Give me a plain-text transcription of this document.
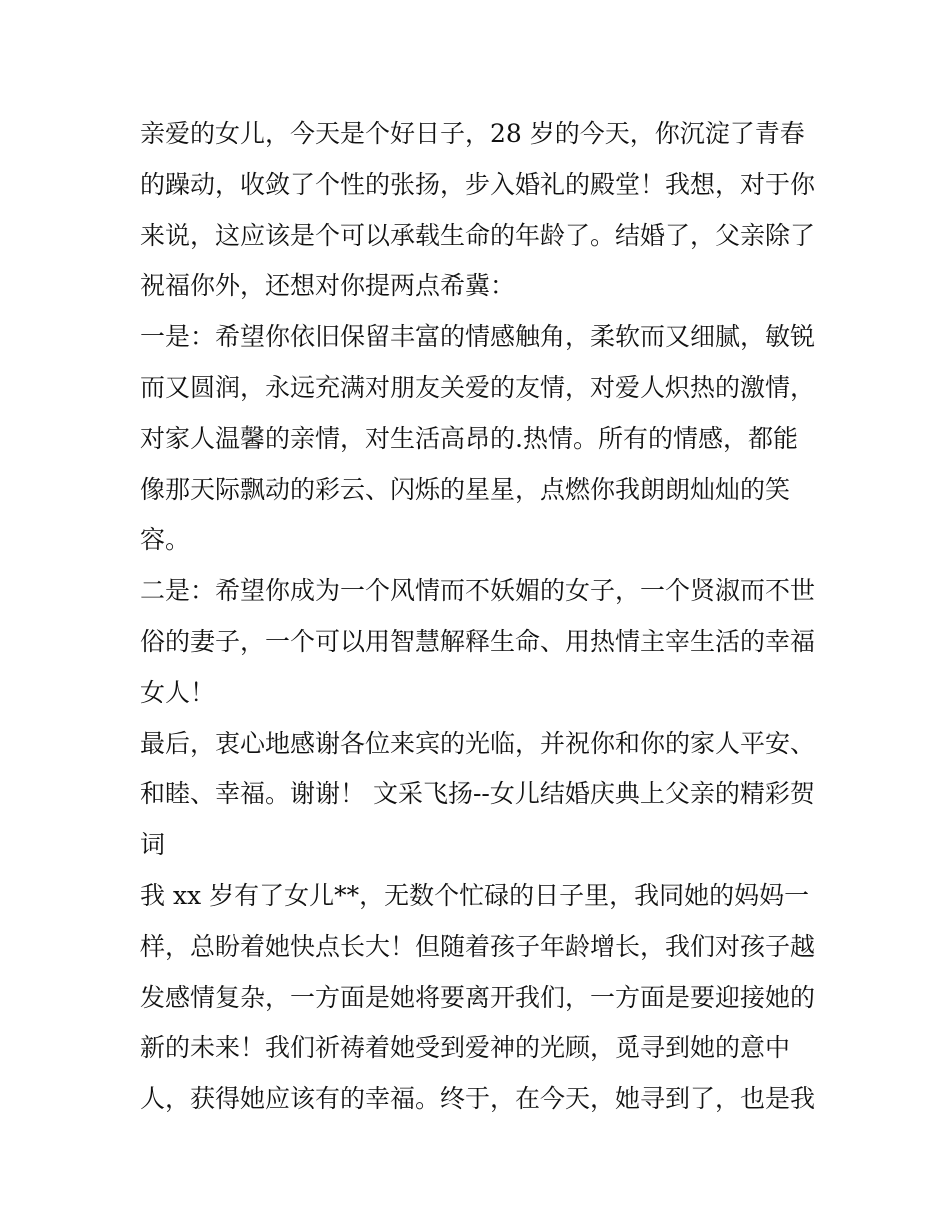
亲爱的女儿，今天是个好日子，28 岁的今天，你沉淀了青春
的躁动，收敛了个性的张扬，步入婚礼的殿堂！我想，对于你
来说，这应该是个可以承载生命的年龄了。结婚了，父亲除了
祝福你外，还想对你提两点希冀：
一是：希望你依旧保留丰富的情感触角，柔软而又细腻，敏锐
而又圆润，永远充满对朋友关爱的友情，对爱人炽热的激情，
对家人温馨的亲情，对生活高昂的.热情。所有的情感，都能
像那天际飘动的彩云、闪烁的星星，点燃你我朗朗灿灿的笑
容。
二是：希望你成为一个风情而不妖媚的女子，一个贤淑而不世
俗的妻子，一个可以用智慧解释生命、用热情主宰生活的幸福
女人！
最后，衷心地感谢各位来宾的光临，并祝你和你的家人平安、
和睦、幸福。谢谢！ 文采飞扬--女儿结婚庆典上父亲的精彩贺
词
我 xx 岁有了女儿**，无数个忙碌的日子里，我同她的妈妈一
样，总盼着她快点长大！但随着孩子年龄增长，我们对孩子越
发感情复杂，一方面是她将要离开我们，一方面是要迎接她的
新的未来！我们祈祷着她受到爱神的光顾，觅寻到她的意中
人，获得她应该有的幸福。终于，在今天，她寻到了，也是我
